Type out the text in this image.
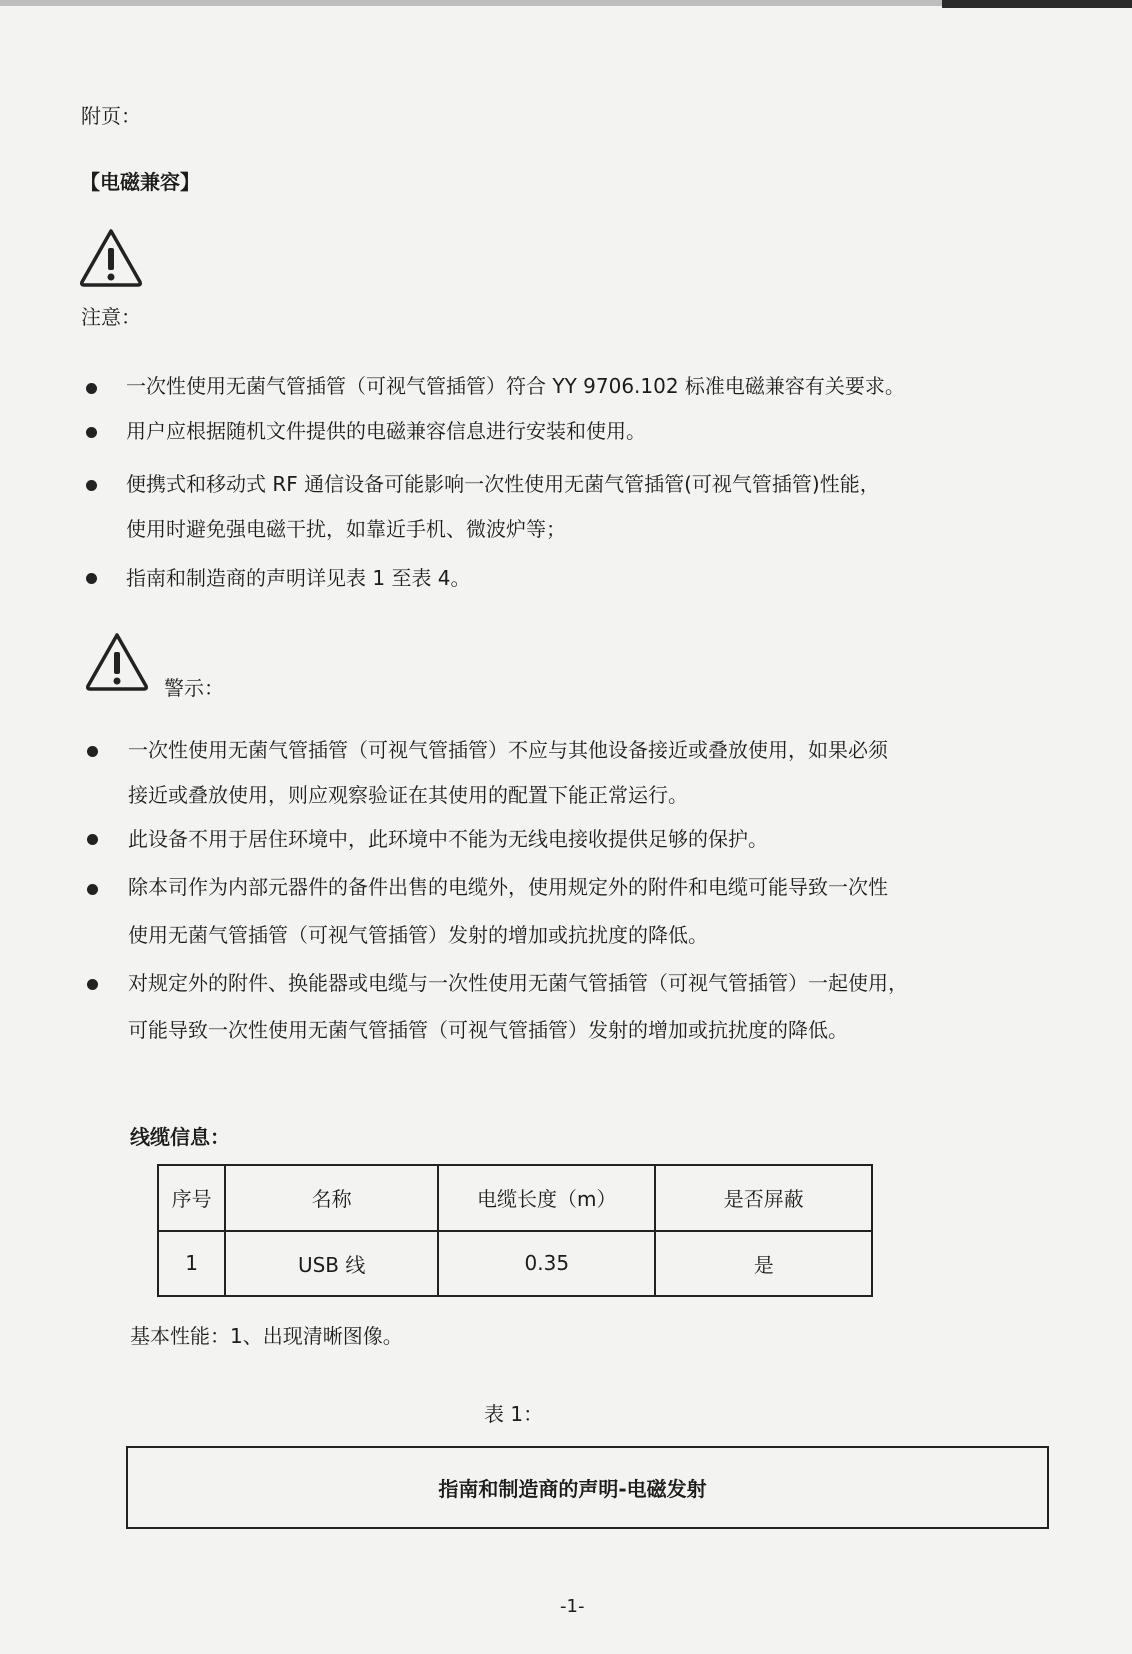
附页：
【电磁兼容】
注意：
一次性使用无菌气管插管（可视气管插管）符合 YY 9706.102 标准电磁兼容有关要求。
用户应根据随机文件提供的电磁兼容信息进行安装和使用。
便携式和移动式 RF 通信设备可能影响一次性使用无菌气管插管(可视气管插管)性能，
使用时避免强电磁干扰，如靠近手机、微波炉等；
指南和制造商的声明详见表 1 至表 4。
警示：
一次性使用无菌气管插管（可视气管插管）不应与其他设备接近或叠放使用，如果必须
接近或叠放使用，则应观察验证在其使用的配置下能正常运行。
此设备不用于居住环境中，此环境中不能为无线电接收提供足够的保护。
除本司作为内部元器件的备件出售的电缆外，使用规定外的附件和电缆可能导致一次性
使用无菌气管插管（可视气管插管）发射的增加或抗扰度的降低。
对规定外的附件、换能器或电缆与一次性使用无菌气管插管（可视气管插管）一起使用，
可能导致一次性使用无菌气管插管（可视气管插管）发射的增加或抗扰度的降低。
线缆信息：
序号	名称	电缆长度（m）	是否屏蔽
1	USB 线	0.35	是
基本性能：1、出现清晰图像。
表 1：
指南和制造商的声明-电磁发射
-1-
